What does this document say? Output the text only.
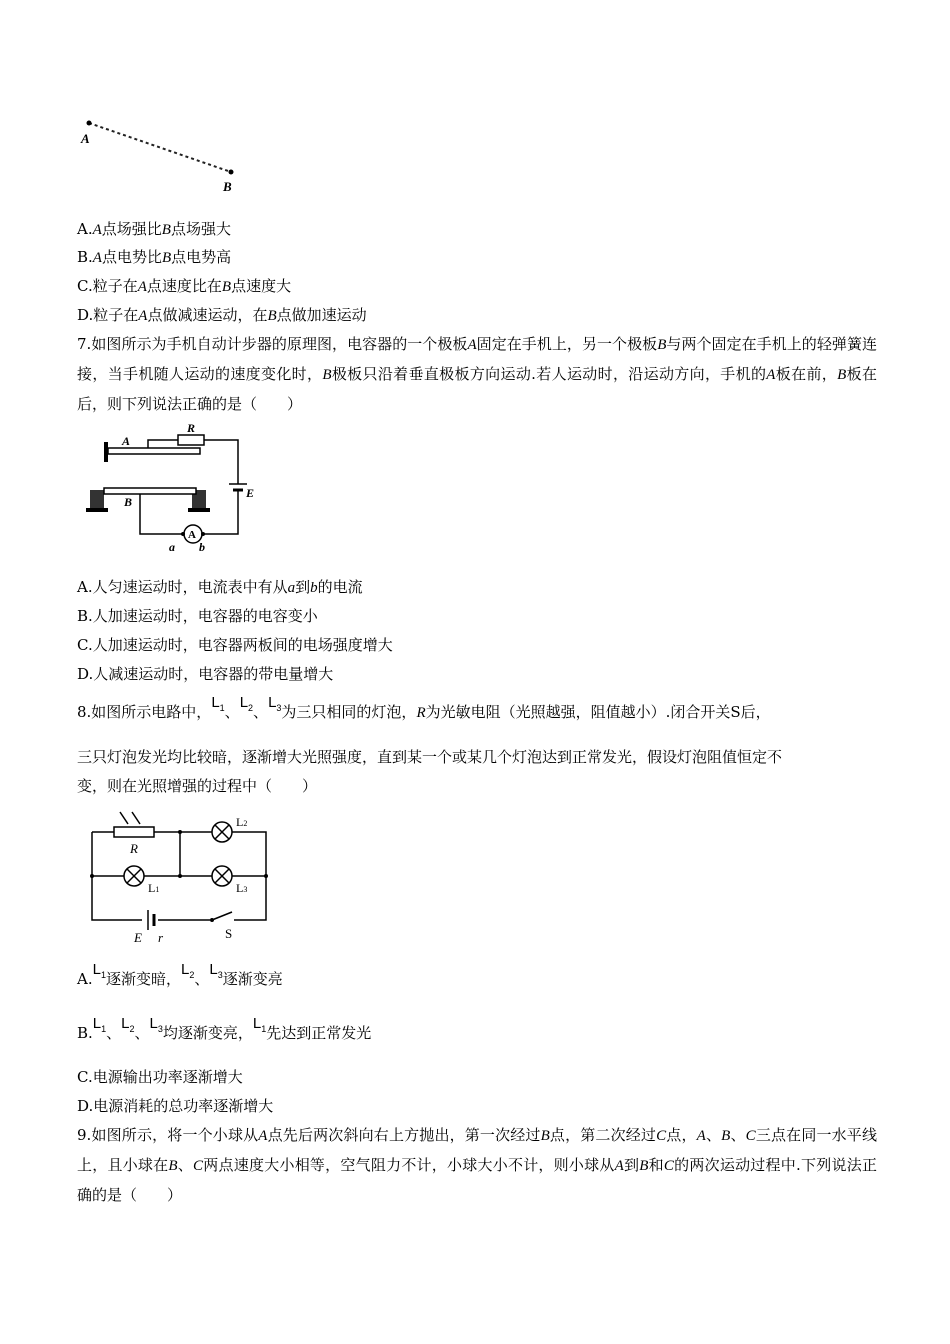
A
B
A.A点场强比B点场强大
B.A点电势比B点电势高
C.粒子在A点速度比在B点速度大
D.粒子在A点做减速运动，在B点做加速运动
7.如图所示为手机自动计步器的原理图，电容器的一个极板A固定在手机上，另一个极板B与两个固定在手机上的轻弹簧连接，当手机随人运动的速度变化时，B极板只沿着垂直极板方向运动.若人运动时，沿运动方向，手机的A板在前，B板在后，则下列说法正确的是（　　）
A
R
E
B
A
a b
A.人匀速运动时，电流表中有从a到b的电流
B.人加速运动时，电容器的电容变小
C.人加速运动时，电容器两板间的电场强度增大
D.人减速运动时，电容器的带电量增大
8.如图所示电路中，$L_1$、$L_2$、$L_3$为三只相同的灯泡，R为光敏电阻（光照越强，阻值越小）.闭合开关S后，
三只灯泡发光均比较暗，逐渐增大光照强度，直到某一个或某几个灯泡达到正常发光，假设灯泡阻值恒定不
变，则在光照增强的过程中（　　）
R
L2
L1	L3
E r	S
$A.L_1$逐渐变暗，$L_2$、$L_3$逐渐变亮
$B.L_1$、$L_2$、$L_3$均逐渐变亮，$L_1$先达到正常发光
C.电源输出功率逐渐增大
D.电源消耗的总功率逐渐增大
9.如图所示，将一个小球从A点先后两次斜向右上方抛出，第一次经过B点，第二次经过C点，A、B、C三点在同一水平线上，且小球在B、C两点速度大小相等，空气阻力不计，小球大小不计，则小球从A到B和C的两次运动过程中.下列说法正确的是（　　）
